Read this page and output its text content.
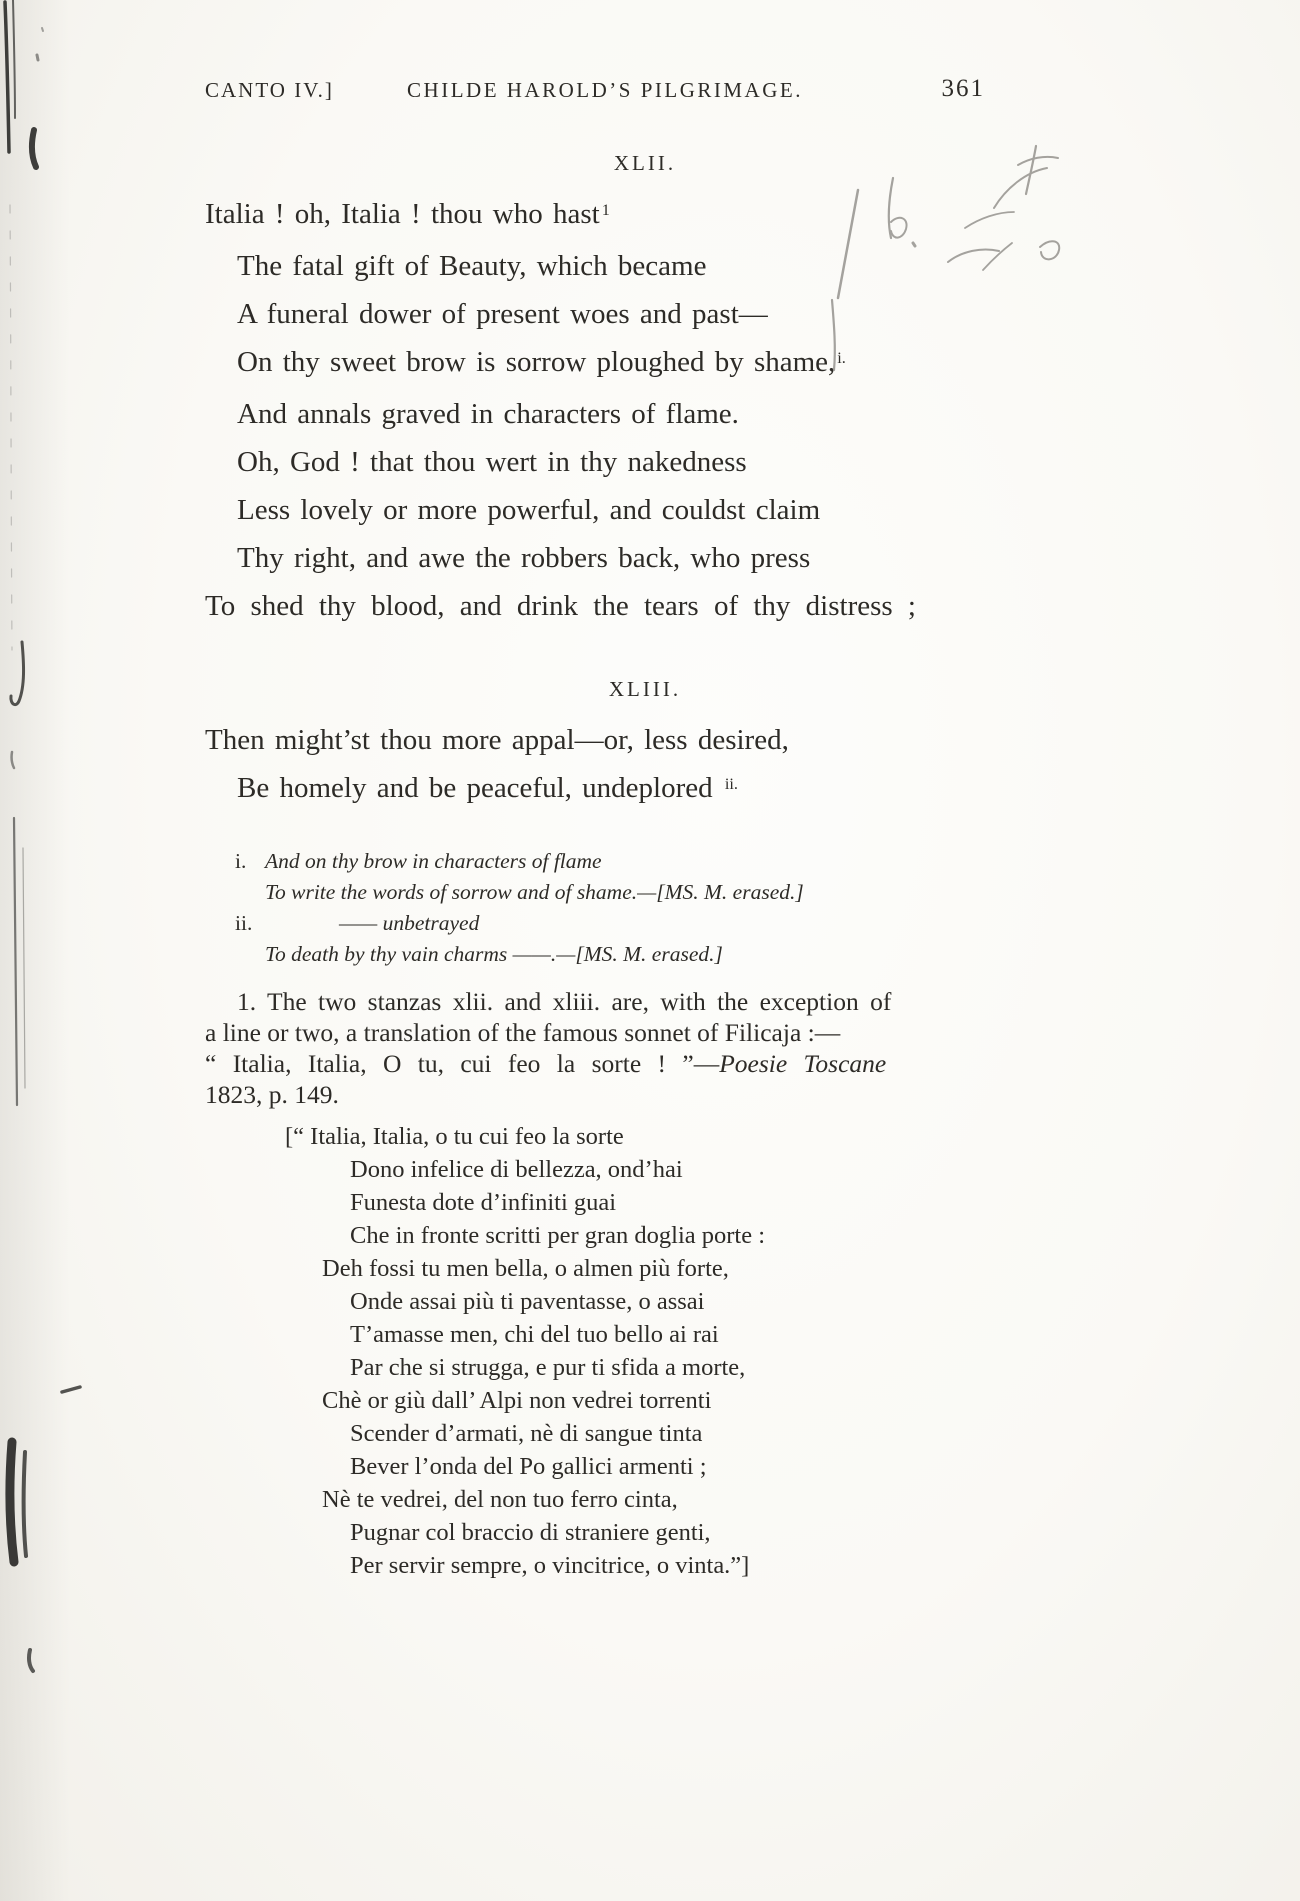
CANTO IV.]	CHILDE HAROLD’S PILGRIMAGE.	361
XLII.

Italia ! oh, Italia ! thou who hast $^1$

The fatal gift of Beauty, which became

A funeral dower of present woes and past—

On thy sweet brow is sorrow ploughed by shame, $^{i.}$

And annals graved in characters of flame.

Oh, God ! that thou wert in thy nakedness

Less lovely or more powerful, and couldst claim

Thy right, and awe the robbers back, who press

To shed thy blood, and drink the tears of thy distress ;

XLIII.

Then might’st thou more appal—or, less desired,

Be homely and be peaceful, undeplored $^{ii.}$

i. And on thy brow in characters of flame

To write the words of sorrow and of shame.—[MS. M. erased.]

ii.	—— unbetrayed

To death by thy vain charms ——.—[MS. M. erased.]

1. The two stanzas xlii. and xliii. are, with the exception of

a line or two, a translation of the famous sonnet of Filicaja :—

“ Italia, Italia, O tu, cui feo la sorte ! ”—Poesie Toscane

1823, p. 149.

[“ Italia, Italia, o tu cui feo la sorte

Dono infelice di bellezza, ond’hai

Funesta dote d’infiniti guai

Che in fronte scritti per gran doglia porte :

Deh fossi tu men bella, o almen più forte,

Onde assai più ti paventasse, o assai

T’amasse men, chi del tuo bello ai rai

Par che si strugga, e pur ti sfida a morte,

Chè or giù dall’ Alpi non vedrei torrenti

Scender d’armati, nè di sangue tinta

Bever l’onda del Po gallici armenti ;

Nè te vedrei, del non tuo ferro cinta,

Pugnar col braccio di straniere genti,

Per servir sempre, o vincitrice, o vinta.”]
